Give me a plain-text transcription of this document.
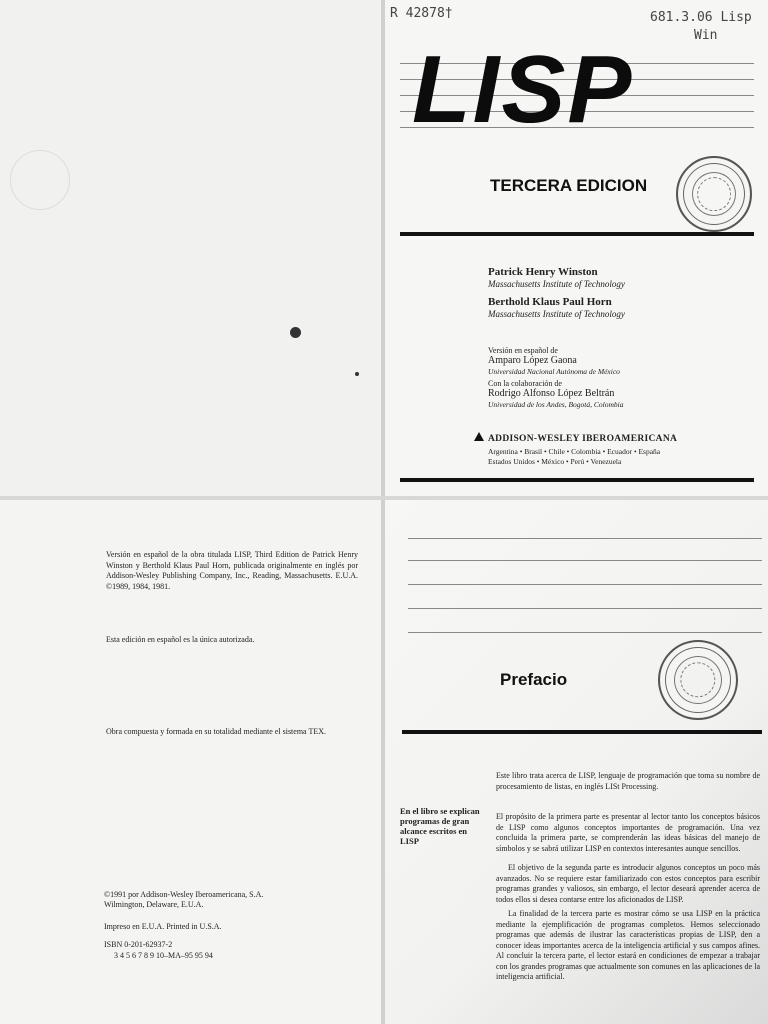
R 42878†	681.3.06 Lisp
Win
LISP
TERCERA EDICION
Patrick Henry Winston
Massachusetts Institute of Technology
Berthold Klaus Paul Horn
Massachusetts Institute of Technology
Versión en español de
Amparo López Gaona
Universidad Nacional Autónoma de México
Con la colaboración de
Rodrigo Alfonso López Beltrán
Universidad de los Andes, Bogotá, Colombia
ADDISON-WESLEY IBEROAMERICANA
Argentina • Brasil • Chile • Colombia • Ecuador • España
Estados Unidos • México • Perú • Venezuela
Versión en español de la obra titulada LISP, Third Edition de Patrick Henry Winston y Berthold Klaus Paul Horn, publicada originalmente en inglés por Addison-Wesley Publishing Company, Inc., Reading, Massachusetts. E.U.A. ©1989, 1984, 1981.
Esta edición en español es la única autorizada.
Obra compuesta y formada en su totalidad mediante el sistema TEX.
©1991 por Addison-Wesley Iberoamericana, S.A.
Wilmington, Delaware, E.U.A.
Impreso en E.U.A. Printed in U.S.A.
ISBN 0-201-62937-2
3 4 5 6 7 8 9 10–MA–95 95 94
Prefacio
Este libro trata acerca de LISP, lenguaje de programación que toma su nombre de procesamiento de listas, en inglés LISt Processing.
En el libro se explican programas de gran alcance escritos en LISP
El propósito de la primera parte es presentar al lector tanto los conceptos básicos de LISP como algunos conceptos importantes de programación. Una vez concluida la primera parte, se comprenderán las ideas básicas del manejo de símbolos y se sabrá utilizar LISP en contextos interesantes aunque sencillos.
El objetivo de la segunda parte es introducir algunos conceptos un poco más avanzados. No se requiere estar familiarizado con estos conceptos para escribir programas grandes y valiosos, sin embargo, el lector deseará aprender acerca de todos ellos si desea contarse entre los aficionados de LISP.
La finalidad de la tercera parte es mostrar cómo se usa LISP en la práctica mediante la ejemplificación de programas completos. Hemos seleccionado programas que además de ilustrar las características propias de LISP, den a conocer ideas importantes acerca de la inteligencia artificial y sus campos afines. Al concluir la tercera parte, el lector estará en condiciones de empezar a trabajar con los grandes programas que actualmente son comunes en las aplicaciones de la inteligencia artificial.
